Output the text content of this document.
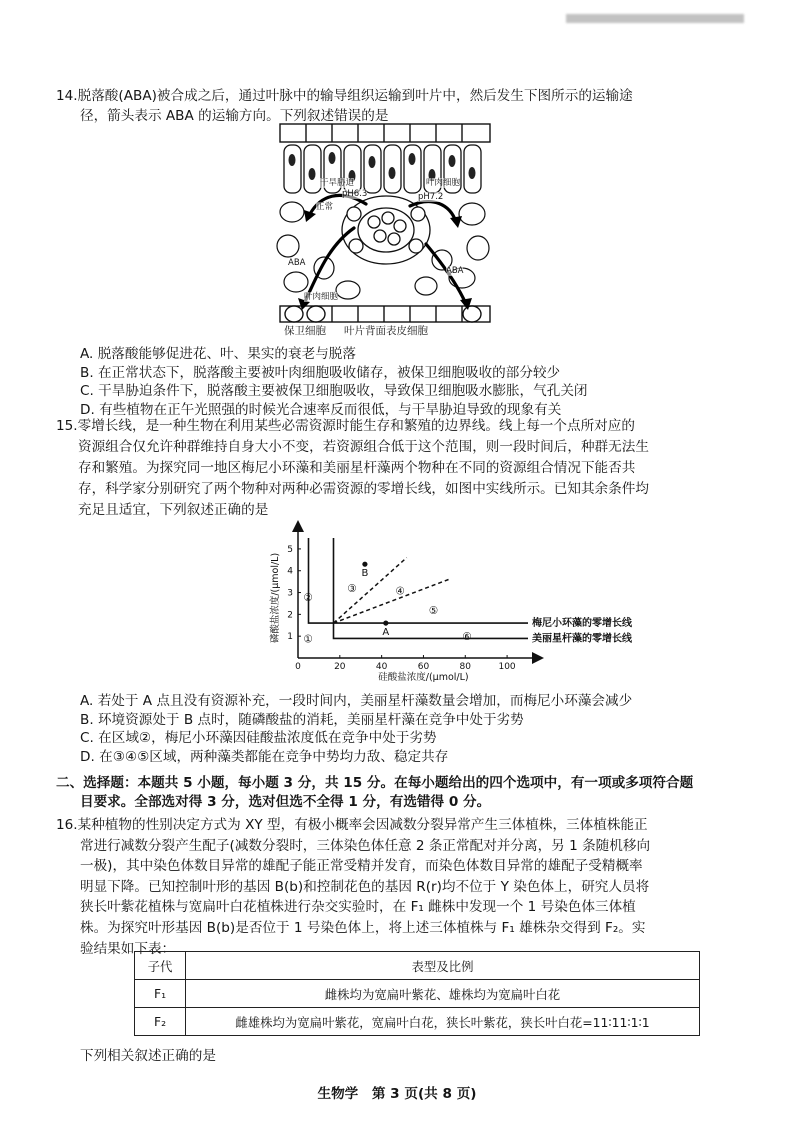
14.脱落酸(ABA)被合成之后，通过叶脉中的输导组织运输到叶片中，然后发生下图所示的运输途
径，箭头表示 ABA 的运输方向。下列叙述错误的是
干旱胁迫
pH6.3
正常
pH7.2
叶肉细胞
ABA
ABA
叶肉细胞
保卫细胞 叶片背面表皮细胞
A. 脱落酸能够促进花、叶、果实的衰老与脱落
B. 在正常状态下，脱落酸主要被叶肉细胞吸收储存，被保卫细胞吸收的部分较少
C. 干旱胁迫条件下，脱落酸主要被保卫细胞吸收，导致保卫细胞吸水膨胀，气孔关闭
D. 有些植物在正午光照强的时候光合速率反而很低，与干旱胁迫导致的现象有关
15.零增长线，是一种生物在利用某些必需资源时能生存和繁殖的边界线。线上每一个点所对应的
资源组合仅允许种群维持自身大小不变，若资源组合低于这个范围，则一段时间后，种群无法生
存和繁殖。为探究同一地区梅尼小环藻和美丽星杆藻两个物种在不同的资源组合情况下能否共
存，科学家分别研究了两个物种对两种必需资源的零增长线，如图中实线所示。已知其余条件均
充足且适宜，下列叙述正确的是
0	20	40	60	80	100
1
2
3
4
5
硅酸盐浓度/(μmol/L)
磷酸盐浓度/(μmol/L)	梅尼小环藻的零增长线
美丽星杆藻的零增长线
A
B
①
②
③	④
⑤
⑥
A. 若处于 A 点且没有资源补充，一段时间内，美丽星杆藻数量会增加，而梅尼小环藻会减少
B. 环境资源处于 B 点时，随磷酸盐的消耗，美丽星杆藻在竞争中处于劣势
C. 在区域②，梅尼小环藻因硅酸盐浓度低在竞争中处于劣势
D. 在③④⑤区域，两种藻类都能在竞争中势均力敌、稳定共存
二、选择题：本题共 5 小题，每小题 3 分，共 15 分。在每小题给出的四个选项中，有一项或多项符合题
目要求。全部选对得 3 分，选对但选不全得 1 分，有选错得 0 分。
16.某种植物的性别决定方式为 XY 型，有极小概率会因减数分裂异常产生三体植株，三体植株能正
常进行减数分裂产生配子(减数分裂时，三体染色体任意 2 条正常配对并分离，另 1 条随机移向
一极)，其中染色体数目异常的雄配子能正常受精并发育，而染色体数目异常的雄配子受精概率
明显下降。已知控制叶形的基因 B(b)和控制花色的基因 R(r)均不位于 Y 染色体上，研究人员将
狭长叶紫花植株与宽扁叶白花植株进行杂交实验时，在 F₁ 雌株中发现一个 1 号染色体三体植
株。为探究叶形基因 B(b)是否位于 1 号染色体上，将上述三体植株与 F₁ 雄株杂交得到 F₂。实
验结果如下表：
子代	表型及比例
F₁	雌株均为宽扁叶紫花、雄株均为宽扁叶白花
F₂	雌雄株均为宽扁叶紫花，宽扁叶白花，狭长叶紫花，狭长叶白花=11∶11∶1∶1
下列相关叙述正确的是
生物学　第 3 页(共 8 页)
